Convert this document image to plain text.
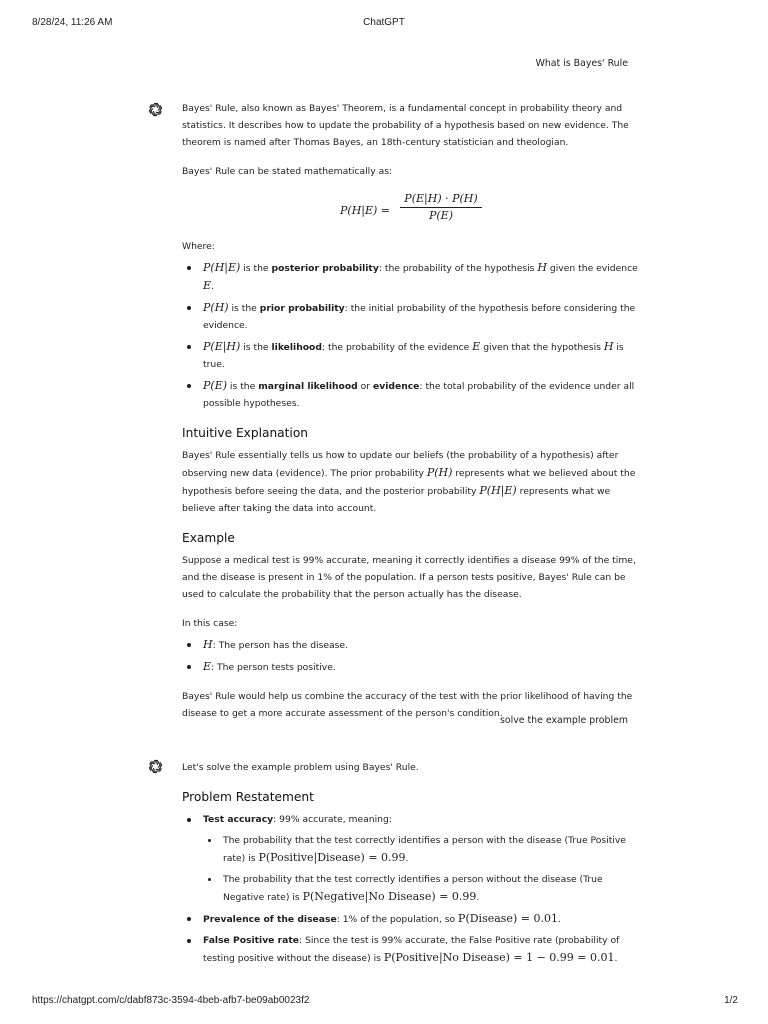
8/28/24, 11:26 AM	ChatGPT
What is Bayes' Rule

Bayes' Rule, also known as Bayes' Theorem, is a fundamental concept in probability theory and statistics. It describes how to update the probability of a hypothesis based on new evidence. The theorem is named after Thomas Bayes, an 18th-century statistician and theologian.

Bayes' Rule can be stated mathematically as:

P(H|E) =
P(E|H) · P(H)
P(E)

Where:

P(H|E) is the posterior probability: the probability of the hypothesis H given the evidence E.
P(H) is the prior probability: the initial probability of the hypothesis before considering the evidence.
P(E|H) is the likelihood: the probability of the evidence E given that the hypothesis H is true.
P(E) is the marginal likelihood or evidence: the total probability of the evidence under all possible hypotheses.
Intuitive Explanation

Bayes' Rule essentially tells us how to update our beliefs (the probability of a hypothesis) after observing new data (evidence). The prior probability P(H) represents what we believed about the hypothesis before seeing the data, and the posterior probability P(H|E) represents what we believe after taking the data into account.

Example

Suppose a medical test is 99% accurate, meaning it correctly identifies a disease 99% of the time, and the disease is present in 1% of the population. If a person tests positive, Bayes' Rule can be used to calculate the probability that the person actually has the disease.

In this case:

H: The person has the disease.
E: The person tests positive.

Bayes' Rule would help us combine the accuracy of the test with the prior likelihood of having the disease to get a more accurate assessment of the person's condition.

solve the example problem

Let's solve the example problem using Bayes' Rule.

Problem Restatement
Test accuracy: 99% accurate, meaning:
The probability that the test correctly identifies a person with the disease (True Positive rate) is P(Positive|Disease) = 0.99.
The probability that the test correctly identifies a person without the disease (True Negative rate) is P(Negative|No Disease) = 0.99.
Prevalence of the disease: 1% of the population, so P(Disease) = 0.01.
False Positive rate: Since the test is 99% accurate, the False Positive rate (probability of testing positive without the disease) is P(Positive|No Disease) = 1 − 0.99 = 0.01.
https://chatgpt.com/c/dabf873c-3594-4beb-afb7-be09ab0023f2	1/2
